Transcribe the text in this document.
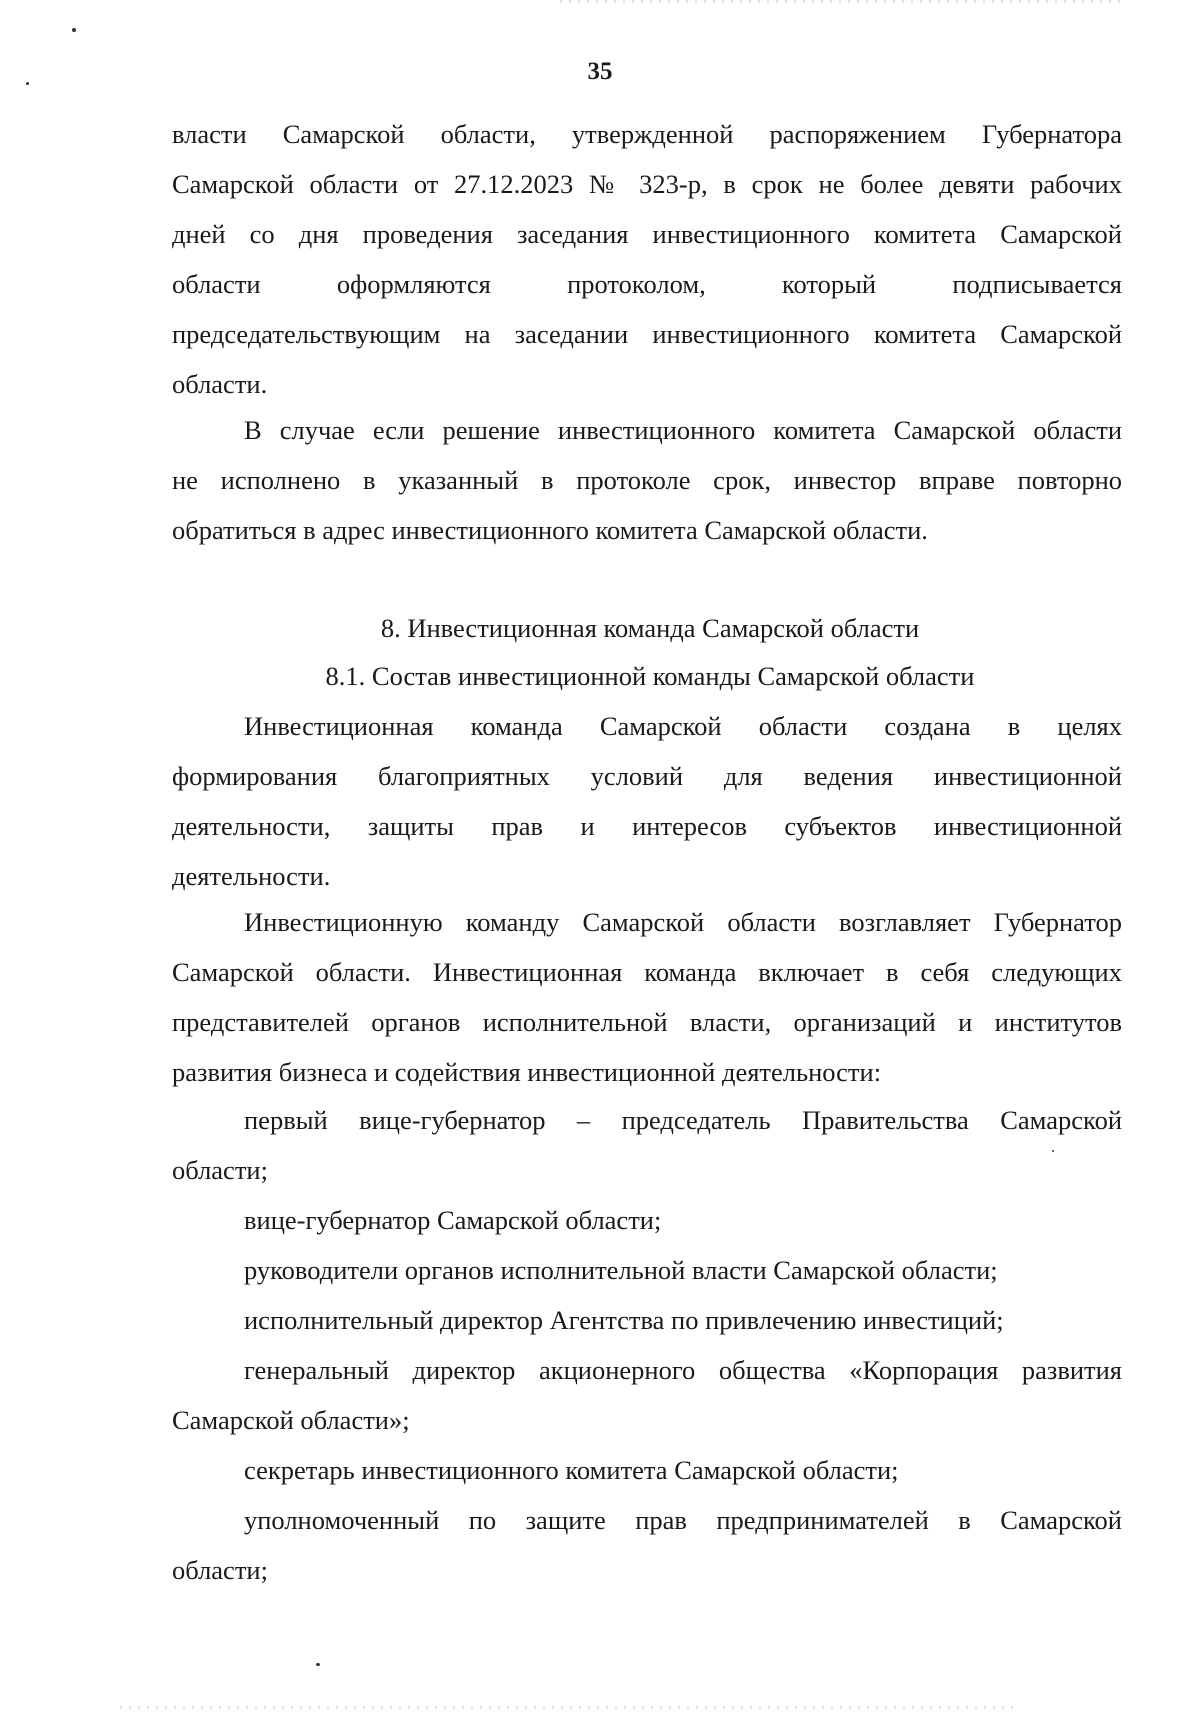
35
власти Самарской области, утвержденной распоряжением Губернатора
Самарской области от 27.12.2023 № 323-р, в срок не более девяти рабочих
дней со дня проведения заседания инвестиционного комитета Самарской
области оформляются протоколом, который подписывается
председательствующим на заседании инвестиционного комитета Самарской
области.
В случае если решение инвестиционного комитета Самарской области
не исполнено в указанный в протоколе срок, инвестор вправе повторно
обратиться в адрес инвестиционного комитета Самарской области.
8. Инвестиционная команда Самарской области
8.1. Состав инвестиционной команды Самарской области
Инвестиционная команда Самарской области создана в целях
формирования благоприятных условий для ведения инвестиционной
деятельности, защиты прав и интересов субъектов инвестиционной
деятельности.
Инвестиционную команду Самарской области возглавляет Губернатор
Самарской области. Инвестиционная команда включает в себя следующих
представителей органов исполнительной власти, организаций и институтов
развития бизнеса и содействия инвестиционной деятельности:
первый вице-губернатор – председатель Правительства Самарской
области;
вице-губернатор Самарской области;
руководители органов исполнительной власти Самарской области;
исполнительный директор Агентства по привлечению инвестиций;
генеральный директор акционерного общества «Корпорация развития
Самарской области»;
секретарь инвестиционного комитета Самарской области;
уполномоченный по защите прав предпринимателей в Самарской
области;
